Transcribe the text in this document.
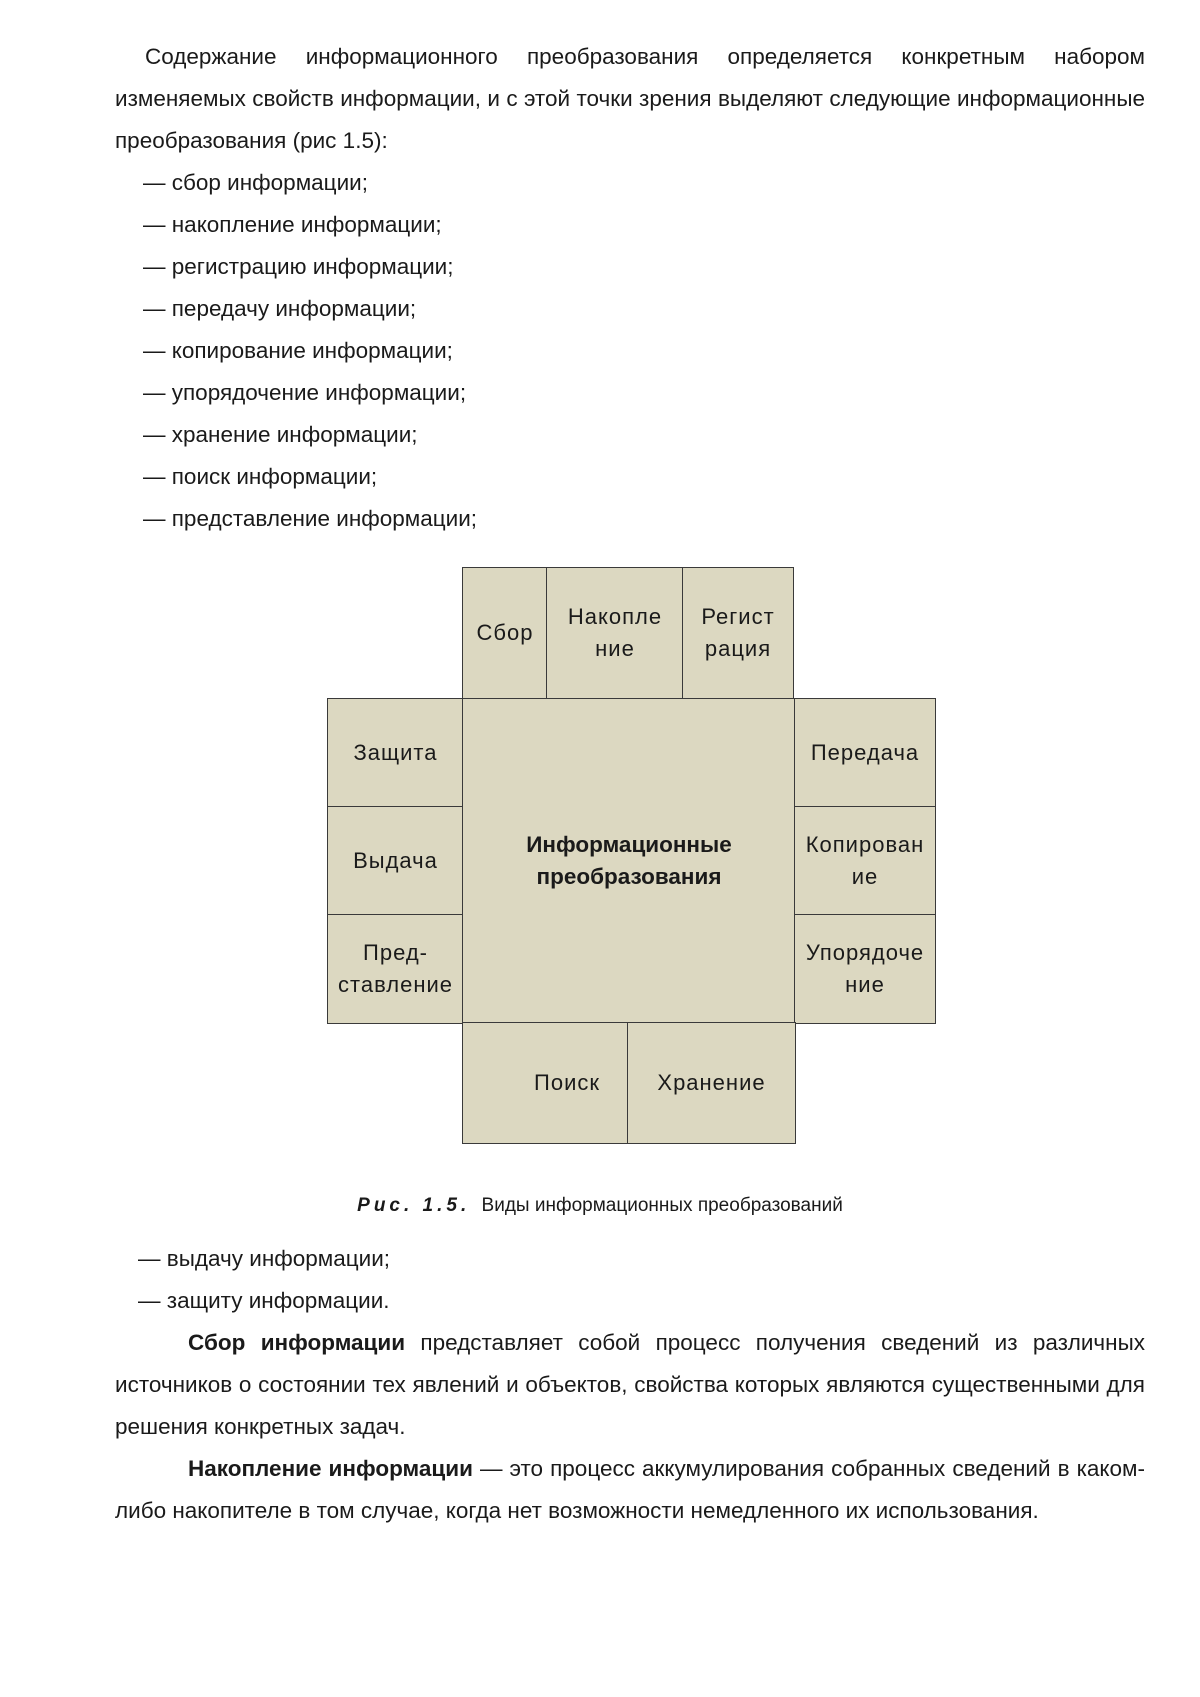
Содержание информационного преобразования определяется конкретным набором изменяемых свойств информации, и с этой точки зрения выделяют следующие информационные преобразования (рис 1.5):

— сбор информации;
— накопление информации;
— регистрацию информации;
— передачу информации;
— копирование информации;
— упорядочение информации;
— хранение информации;
— поиск информации;
— представление информации;
Сбор
Накопле
ние
Регист
рация
Защита
Выдача
Пред-
ставление
Информационные
преобразования
Передача
Копирован
ие
Упорядоче
ние
Поиск	Хранение
Рис. 1.5. Виды информационных преобразований
— выдачу информации;
— защиту информации.

Сбор информации представляет собой процесс получения сведений из различных источников о состоянии тех явлений и объектов, свойства которых являются существенными для решения конкретных задач.

Накопление информации — это процесс аккумулирования собранных сведений в каком-либо накопителе в том случае, когда нет возможности немедленного их использования.
